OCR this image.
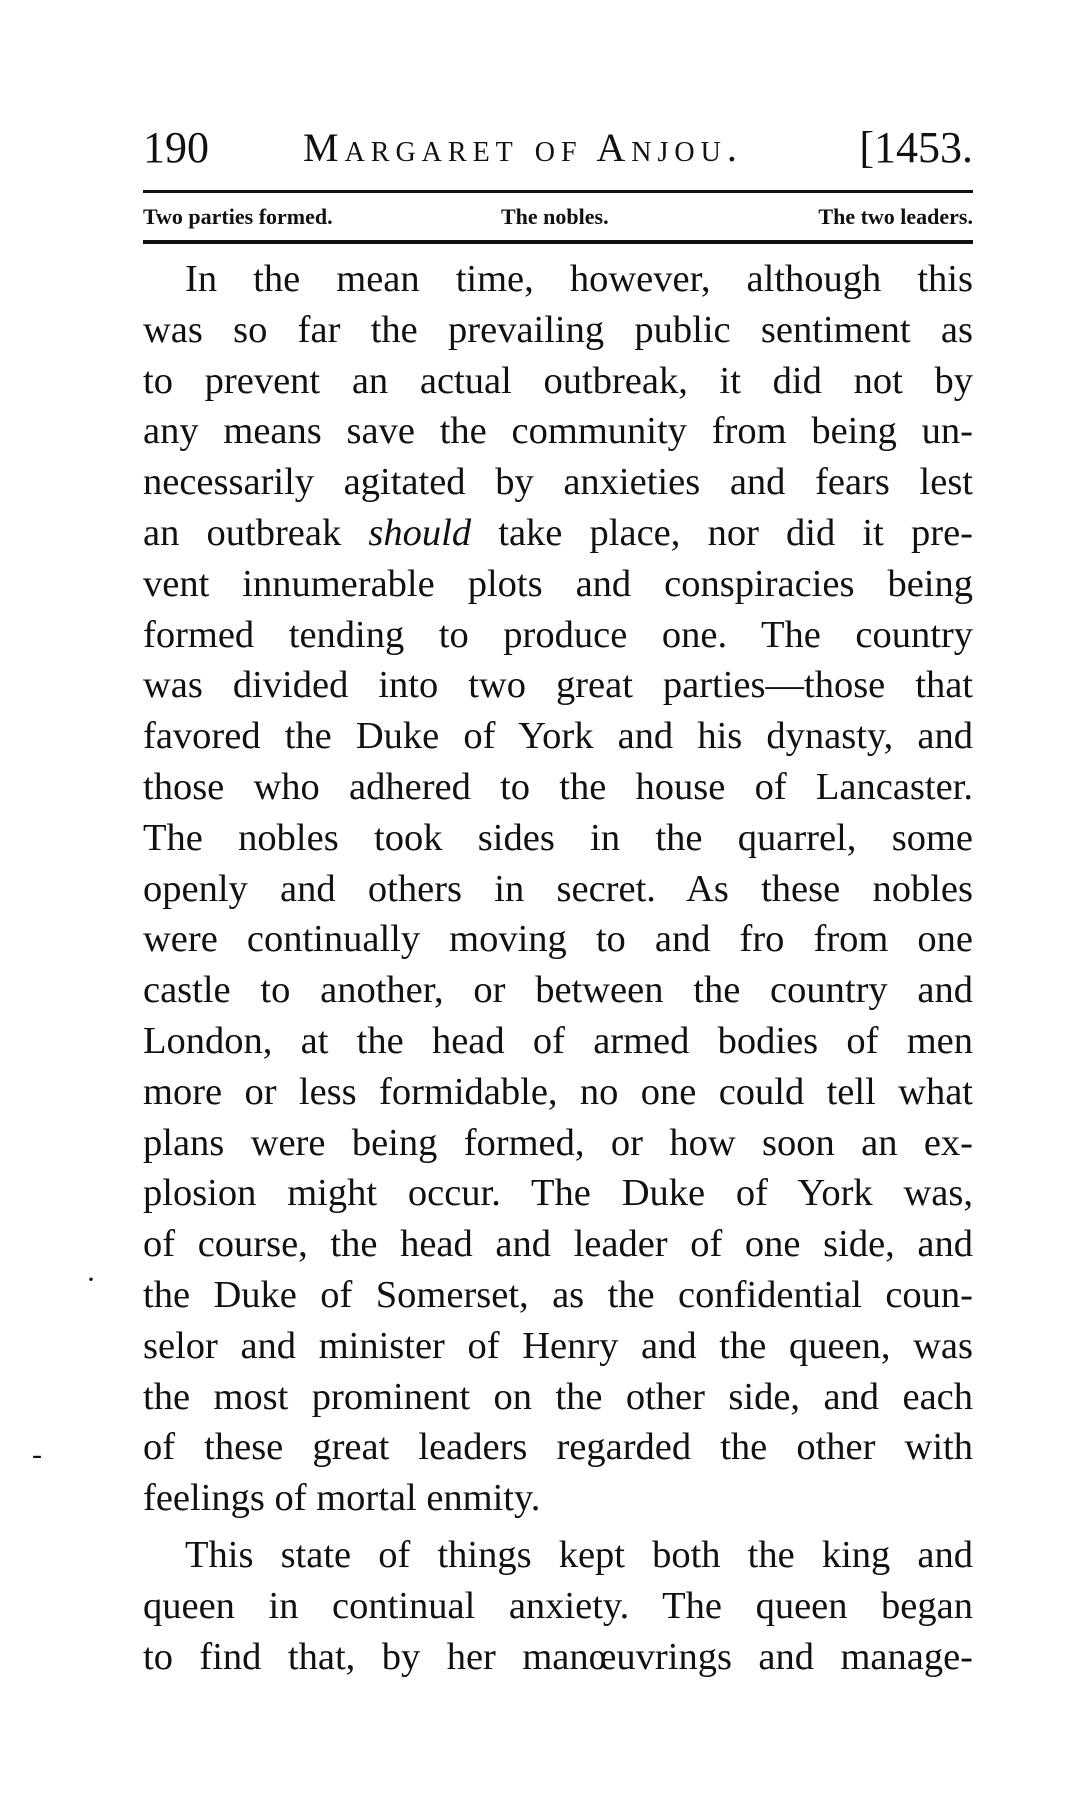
190 Margaret of Anjou.	[1453.
Two parties formed.	The nobles.	The two leaders.
In the mean time, however, although this
was so far the prevailing public sentiment as
to prevent an actual outbreak, it did not by
any means save the community from being un-
necessarily agitated by anxieties and fears lest
an outbreak should take place, nor did it pre-
vent innumerable plots and conspiracies being
formed tending to produce one. The country
was divided into two great parties—those that
favored the Duke of York and his dynasty, and
those who adhered to the house of Lancaster.
The nobles took sides in the quarrel, some
openly and others in secret. As these nobles
were continually moving to and fro from one
castle to another, or between the country and
London, at the head of armed bodies of men
more or less formidable, no one could tell what
plans were being formed, or how soon an ex-
plosion might occur. The Duke of York was,
of course, the head and leader of one side, and
the Duke of Somerset, as the confidential coun-
selor and minister of Henry and the queen, was
the most prominent on the other side, and each
of these great leaders regarded the other with
feelings of mortal enmity.
This state of things kept both the king and
queen in continual anxiety. The queen began
to find that, by her manœuvrings and manage-
·
-
